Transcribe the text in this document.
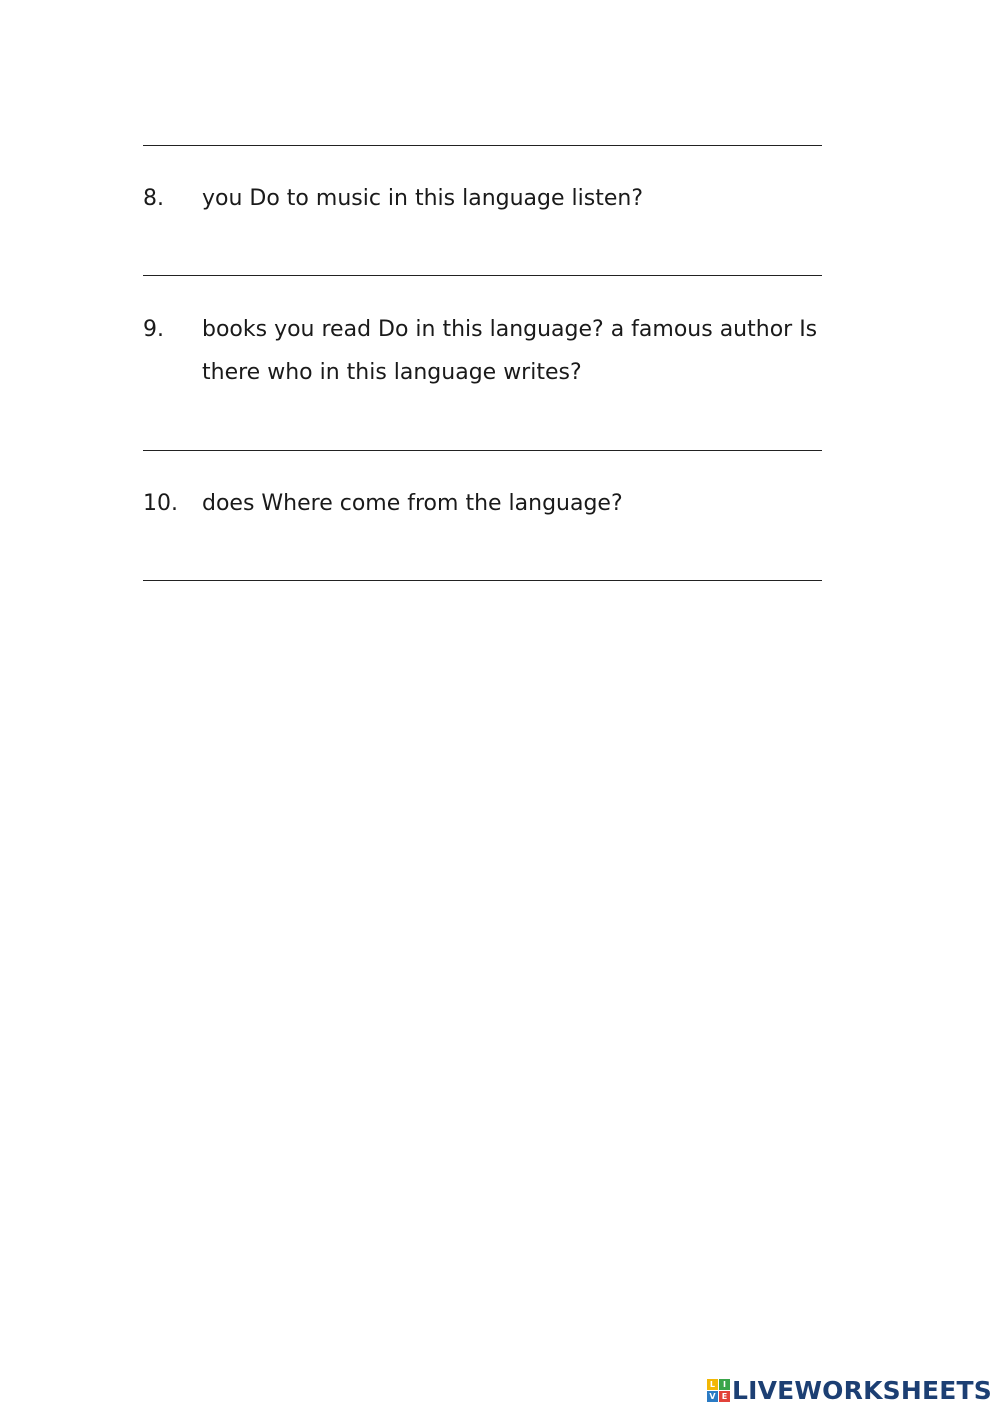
8.	you Do to music in this language listen?
9.	books you read Do in this language? a famous author Is
there who in this language writes?
10.	does Where come from the language?
L I
V E LIVEWORKSHEETS
